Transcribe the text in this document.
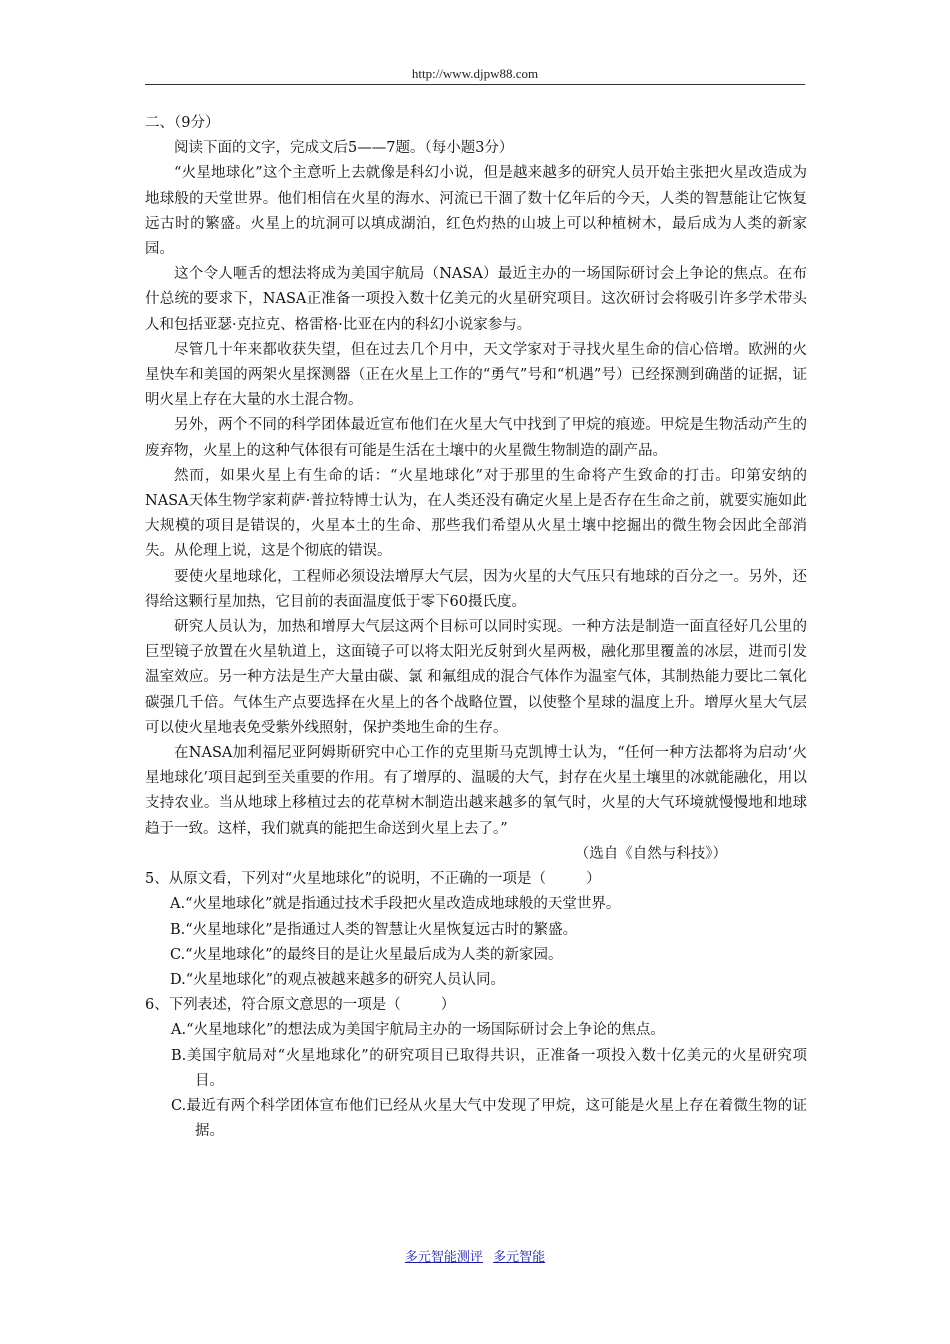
http://www.djpw88.com

二、（9分）

阅读下面的文字，完成文后5——7题。（每小题3分）

“火星地球化”这个主意听上去就像是科幻小说，但是越来越多的研究人员开始主张把火星改造成为地球般的天堂世界。他们相信在火星的海水、河流已干涸了数十亿年后的今天，人类的智慧能让它恢复远古时的繁盛。火星上的坑洞可以填成湖泊，红色灼热的山坡上可以种植树木，最后成为人类的新家园。

这个令人咂舌的想法将成为美国宇航局（NASA）最近主办的一场国际研讨会上争论的焦点。在布什总统的要求下，NASA正准备一项投入数十亿美元的火星研究项目。这次研讨会将吸引许多学术带头人和包括亚瑟·克拉克、格雷格·比亚在内的科幻小说家参与。

尽管几十年来都收获失望，但在过去几个月中，天文学家对于寻找火星生命的信心倍增。欧洲的火星快车和美国的两架火星探测器（正在火星上工作的“勇气”号和“机遇”号）已经探测到确凿的证据，证明火星上存在大量的水土混合物。

另外，两个不同的科学团体最近宣布他们在火星大气中找到了甲烷的痕迹。甲烷是生物活动产生的废弃物，火星上的这种气体很有可能是生活在土壤中的火星微生物制造的副产品。

然而，如果火星上有生命的话：“火星地球化”对于那里的生命将产生致命的打击。印第安纳的NASA天体生物学家莉萨·普拉特博士认为，在人类还没有确定火星上是否存在生命之前，就要实施如此大规模的项目是错误的，火星本土的生命、那些我们希望从火星土壤中挖掘出的微生物会因此全部消失。从伦理上说，这是个彻底的错误。

要使火星地球化，工程师必须设法增厚大气层，因为火星的大气压只有地球的百分之一。另外，还得给这颗行星加热，它目前的表面温度低于零下60摄氏度。

研究人员认为，加热和增厚大气层这两个目标可以同时实现。一种方法是制造一面直径好几公里的巨型镜子放置在火星轨道上，这面镜子可以将太阳光反射到火星两极，融化那里覆盖的冰层，进而引发温室效应。另一种方法是生产大量由碳、氯 和氟组成的混合气体作为温室气体，其制热能力要比二氧化碳强几千倍。气体生产点要选择在火星上的各个战略位置，以使整个星球的温度上升。增厚火星大气层可以使火星地表免受紫外线照射，保护类地生命的生存。

在NASA加利福尼亚阿姆斯研究中心工作的克里斯马克凯博士认为，“任何一种方法都将为启动‘火星地球化’项目起到至关重要的作用。有了增厚的、温暖的大气，封存在火星土壤里的冰就能融化，用以支持农业。当从地球上移植过去的花草树木制造出越来越多的氧气时，火星的大气环境就慢慢地和地球趋于一致。这样，我们就真的能把生命送到火星上去了。”

（选自《自然与科技》）

5、从原文看，下列对“火星地球化”的说明，不正确的一项是（	）

A.“火星地球化”就是指通过技术手段把火星改造成地球般的天堂世界。

B.“火星地球化”是指通过人类的智慧让火星恢复远古时的繁盛。

C.“火星地球化”的最终目的是让火星最后成为人类的新家园。

D.“火星地球化”的观点被越来越多的研究人员认同。

6、下列表述，符合原文意思的一项是（	）

A.“火星地球化”的想法成为美国宇航局主办的一场国际研讨会上争论的焦点。

B.美国宇航局对“火星地球化”的研究项目已取得共识，正准备一项投入数十亿美元的火星研究项目。

C.最近有两个科学团体宣布他们已经从火星大气中发现了甲烷，这可能是火星上存在着微生物的证据。

多元智能测评 多元智能
